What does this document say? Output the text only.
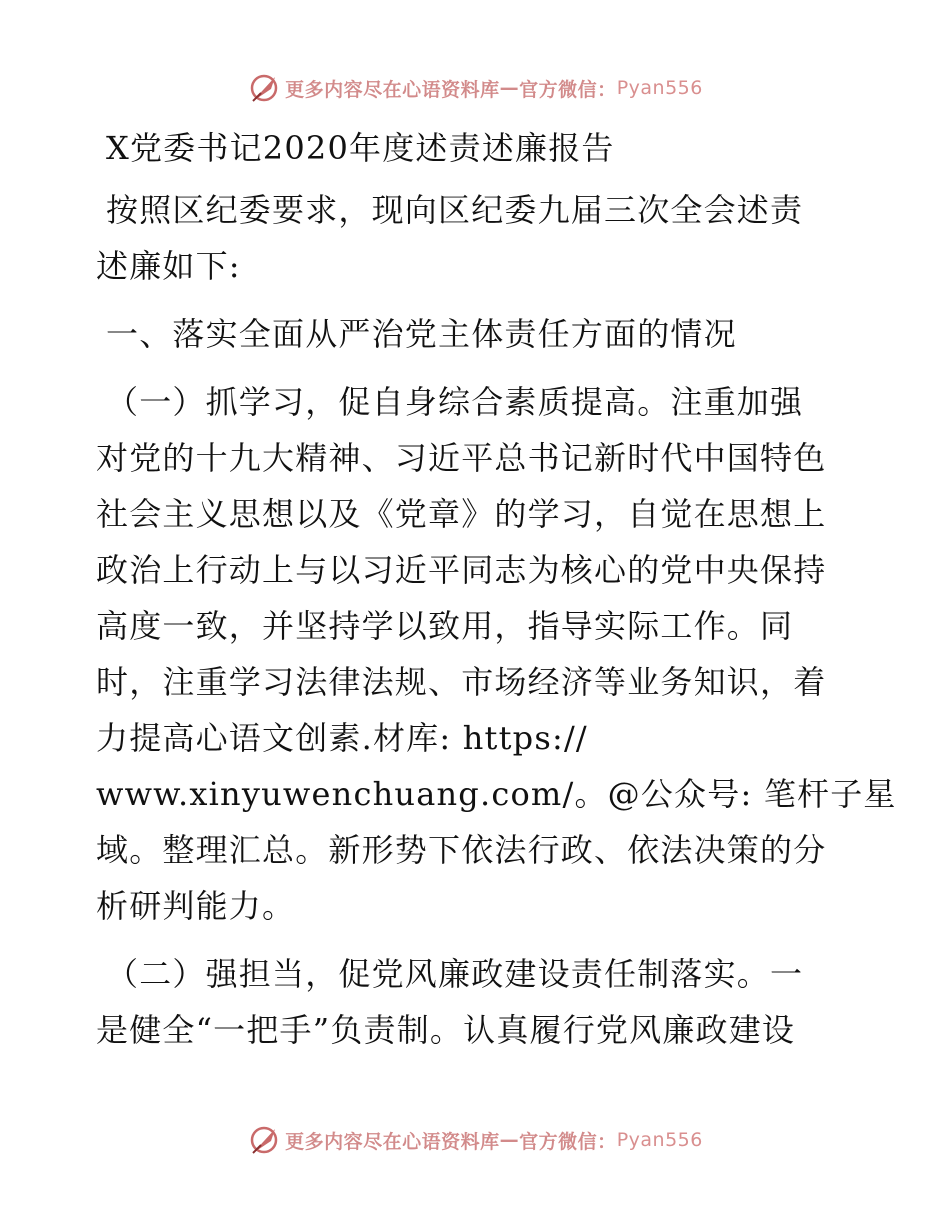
更多内容尽在心语资料库 — 官方微信： Pyan556
X党委书记2020年度述责述廉报告
按照区纪委要求，现向区纪委九届三次全会述责
述廉如下:
一、落实全面从严治党主体责任方面的情况
（一）抓学习，促自身综合素质提高。注重加强
对党的十九大精神、习近平总书记新时代中国特色
社会主义思想以及《党章》的学习，自觉在思想上
政治上行动上与以习近平同志为核心的党中央保持
高度一致，并坚持学以致用，指导实际工作。同
时，注重学习法律法规、市场经济等业务知识，着
力提高心语文创素.材库: https://
www.xinyuwenchuang.com/。@公众号: 笔杆子星
域。整理汇总。新形势下依法行政、依法决策的分
析研判能力。
（二）强担当，促党风廉政建设责任制落实。一
是健全“一把手”负责制。认真履行党风廉政建设
更多内容尽在心语资料库 — 官方微信： Pyan556
